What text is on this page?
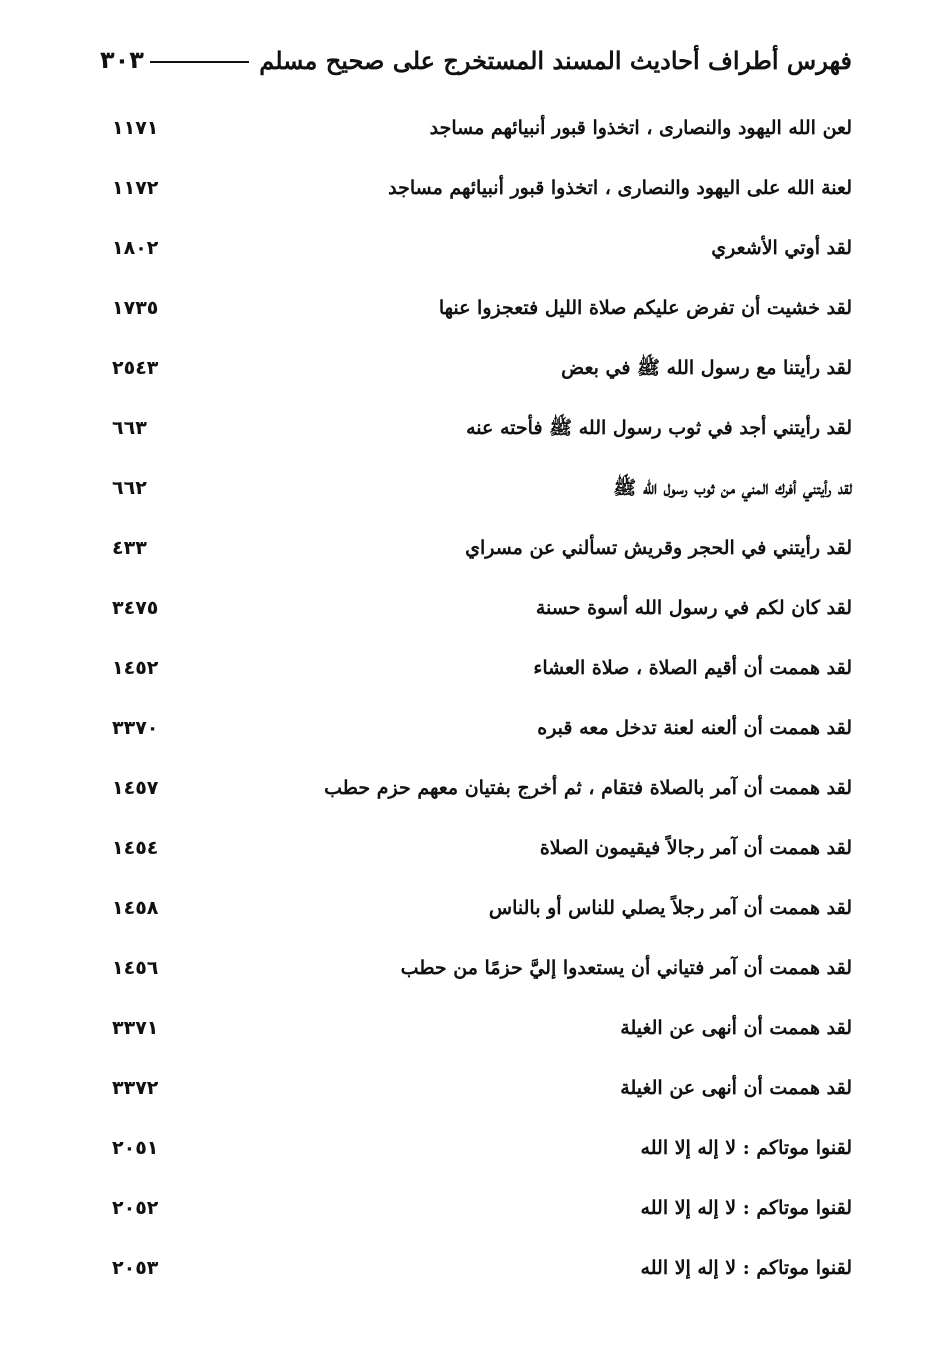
فهرس أطراف أحاديث المسند المستخرج على صحيح مسلم
٣٠٣
لعن الله اليهود والنصارى ، اتخذوا قبور أنبيائهم مساجد
١١٧١
لعنة الله على اليهود والنصارى ، اتخذوا قبور أنبيائهم مساجد
١١٧٢
لقد أوتي الأشعري
١٨٠٢
لقد خشيت أن تفرض عليكم صلاة الليل فتعجزوا عنها
١٧٣٥
لقد رأيتنا مع رسول الله ﷺ في بعض
٢٥٤٣
لقد رأيتني أجد في ثوب رسول الله ﷺ فأحته عنه
٦٦٣
لقد رأيتني أفرك المني من ثوب رسول الله ﷺ
٦٦٢
لقد رأيتني في الحجر وقريش تسألني عن مسراي
٤٣٣
لقد كان لكم في رسول الله أسوة حسنة
٣٤٧٥
لقد هممت أن أقيم الصلاة ، صلاة العشاء
١٤٥٢
لقد هممت أن ألعنه لعنة تدخل معه قبره
٣٣٧٠
لقد هممت أن آمر بالصلاة فتقام ، ثم أخرج بفتيان معهم حزم حطب
١٤٥٧
لقد هممت أن آمر رجالاً فيقيمون الصلاة
١٤٥٤
لقد هممت أن آمر رجلاً يصلي للناس أو بالناس
١٤٥٨
لقد هممت أن آمر فتياني أن يستعدوا إليَّ حزمًا من حطب
١٤٥٦
لقد هممت أن أنهى عن الغيلة
٣٣٧١
لقد هممت أن أنهى عن الغيلة
٣٣٧٢
لقنوا موتاكم : لا إله إلا الله
٢٠٥١
لقنوا موتاكم : لا إله إلا الله
٢٠٥٢
لقنوا موتاكم : لا إله إلا الله
٢٠٥٣
